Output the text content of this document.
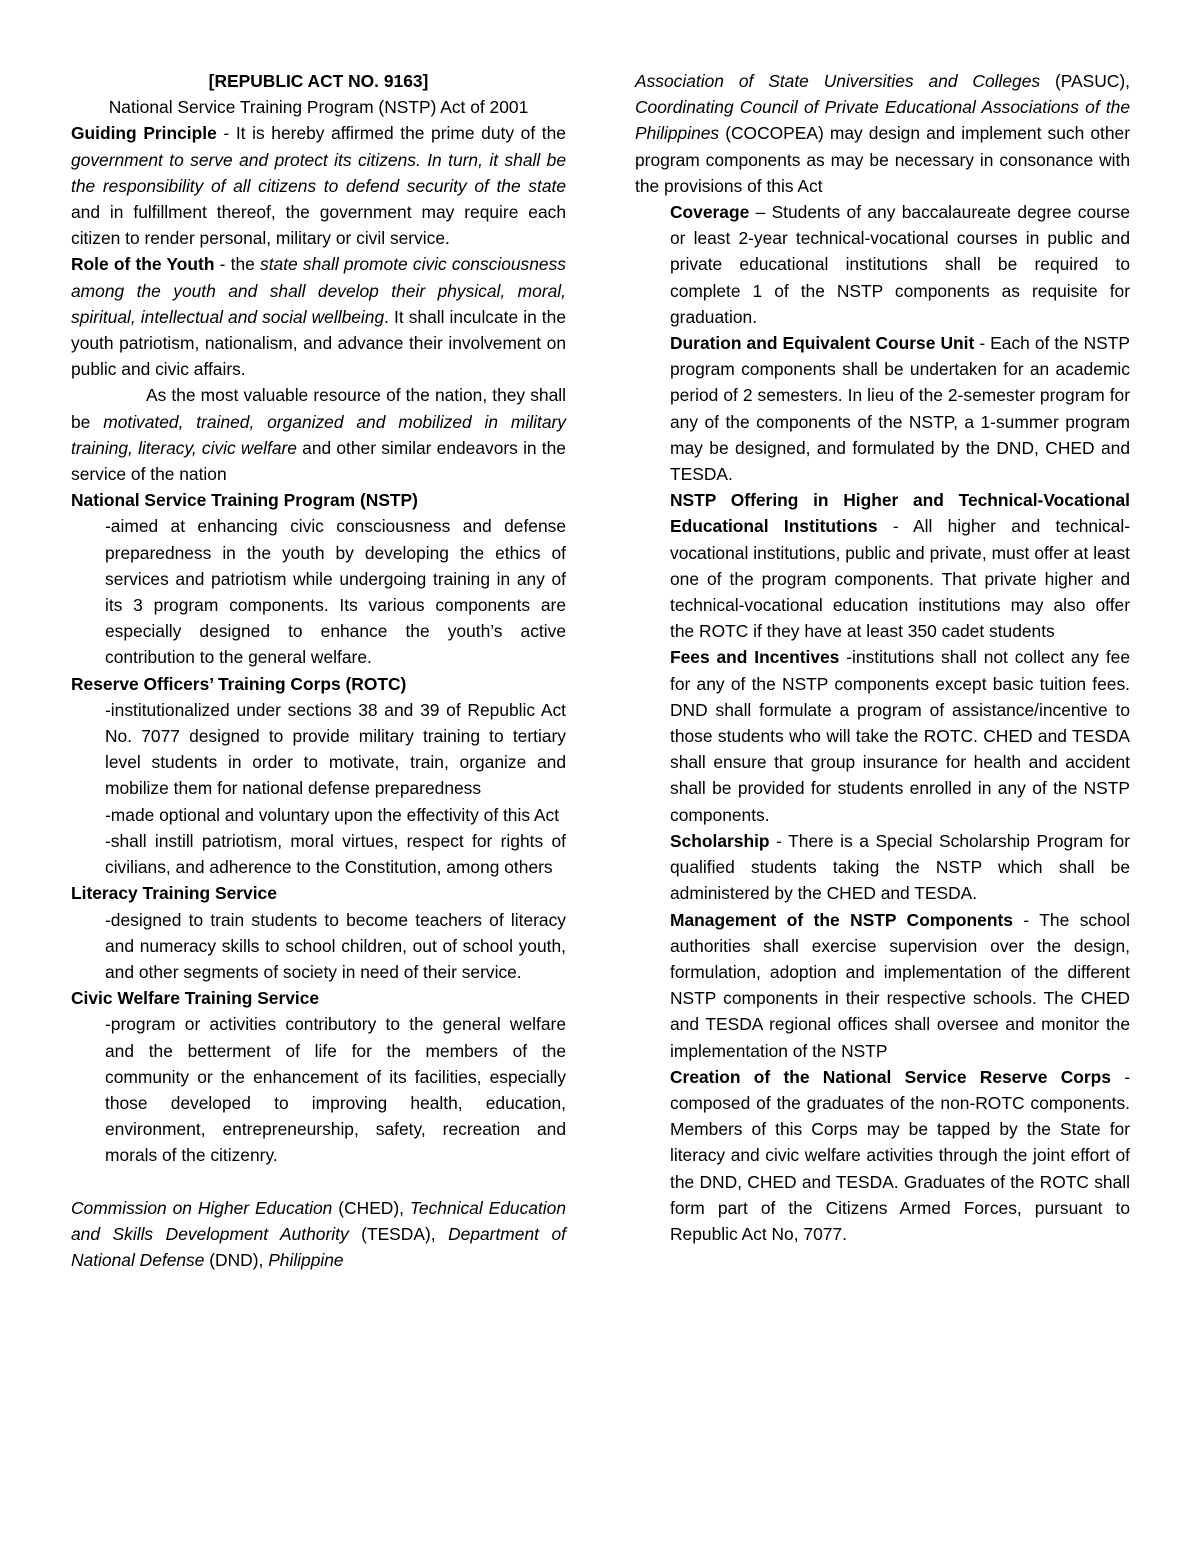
[REPUBLIC ACT NO. 9163]

National Service Training Program (NSTP) Act of 2001

Guiding Principle - It is hereby affirmed the prime duty of the government to serve and protect its citizens. In turn, it shall be the responsibility of all citizens to defend security of the state and in fulfillment thereof, the government may require each citizen to render personal, military or civil service.

Role of the Youth - the state shall promote civic consciousness among the youth and shall develop their physical, moral, spiritual, intellectual and social wellbeing. It shall inculcate in the youth patriotism, nationalism, and advance their involvement on public and civic affairs.

As the most valuable resource of the nation, they shall be motivated, trained, organized and mobilized in military training, literacy, civic welfare and other similar endeavors in the service of the nation

National Service Training Program (NSTP)

-aimed at enhancing civic consciousness and defense preparedness in the youth by developing the ethics of services and patriotism while undergoing training in any of its 3 program components. Its various components are especially designed to enhance the youth’s active contribution to the general welfare.

Reserve Officers’ Training Corps (ROTC)

-institutionalized under sections 38 and 39 of Republic Act No. 7077 designed to provide military training to tertiary level students in order to motivate, train, organize and mobilize them for national defense preparedness

-made optional and voluntary upon the effectivity of this Act

-shall instill patriotism, moral virtues, respect for rights of civilians, and adherence to the Constitution, among others

Literacy Training Service

-designed to train students to become teachers of literacy and numeracy skills to school children, out of school youth, and other segments of society in need of their service.

Civic Welfare Training Service

-program or activities contributory to the general welfare and the betterment of life for the members of the community or the enhancement of its facilities, especially those developed to improving health, education, environment, entrepreneurship, safety, recreation and morals of the citizenry.

Commission on Higher Education (CHED), Technical Education and Skills Development Authority (TESDA), Department of National Defense (DND), Philippine

Association of State Universities and Colleges (PASUC), Coordinating Council of Private Educational Associations of the Philippines (COCOPEA) may design and implement such other program components as may be necessary in consonance with the provisions of this Act

Coverage – Students of any baccalaureate degree course or least 2-year technical-vocational courses in public and private educational institutions shall be required to complete 1 of the NSTP components as requisite for graduation.

Duration and Equivalent Course Unit - Each of the NSTP program components shall be undertaken for an academic period of 2 semesters. In lieu of the 2-semester program for any of the components of the NSTP, a 1-summer program may be designed, and formulated by the DND, CHED and TESDA.

NSTP Offering in Higher and Technical-Vocational Educational Institutions - All higher and technical-vocational institutions, public and private, must offer at least one of the program components. That private higher and technical-vocational education institutions may also offer the ROTC if they have at least 350 cadet students

Fees and Incentives -institutions shall not collect any fee for any of the NSTP components except basic tuition fees. DND shall formulate a program of assistance/incentive to those students who will take the ROTC. CHED and TESDA shall ensure that group insurance for health and accident shall be provided for students enrolled in any of the NSTP components.

Scholarship - There is a Special Scholarship Program for qualified students taking the NSTP which shall be administered by the CHED and TESDA.

Management of the NSTP Components - The school authorities shall exercise supervision over the design, formulation, adoption and implementation of the different NSTP components in their respective schools. The CHED and TESDA regional offices shall oversee and monitor the implementation of the NSTP

Creation of the National Service Reserve Corps - composed of the graduates of the non-ROTC components. Members of this Corps may be tapped by the State for literacy and civic welfare activities through the joint effort of the DND, CHED and TESDA. Graduates of the ROTC shall form part of the Citizens Armed Forces, pursuant to Republic Act No, 7077.
